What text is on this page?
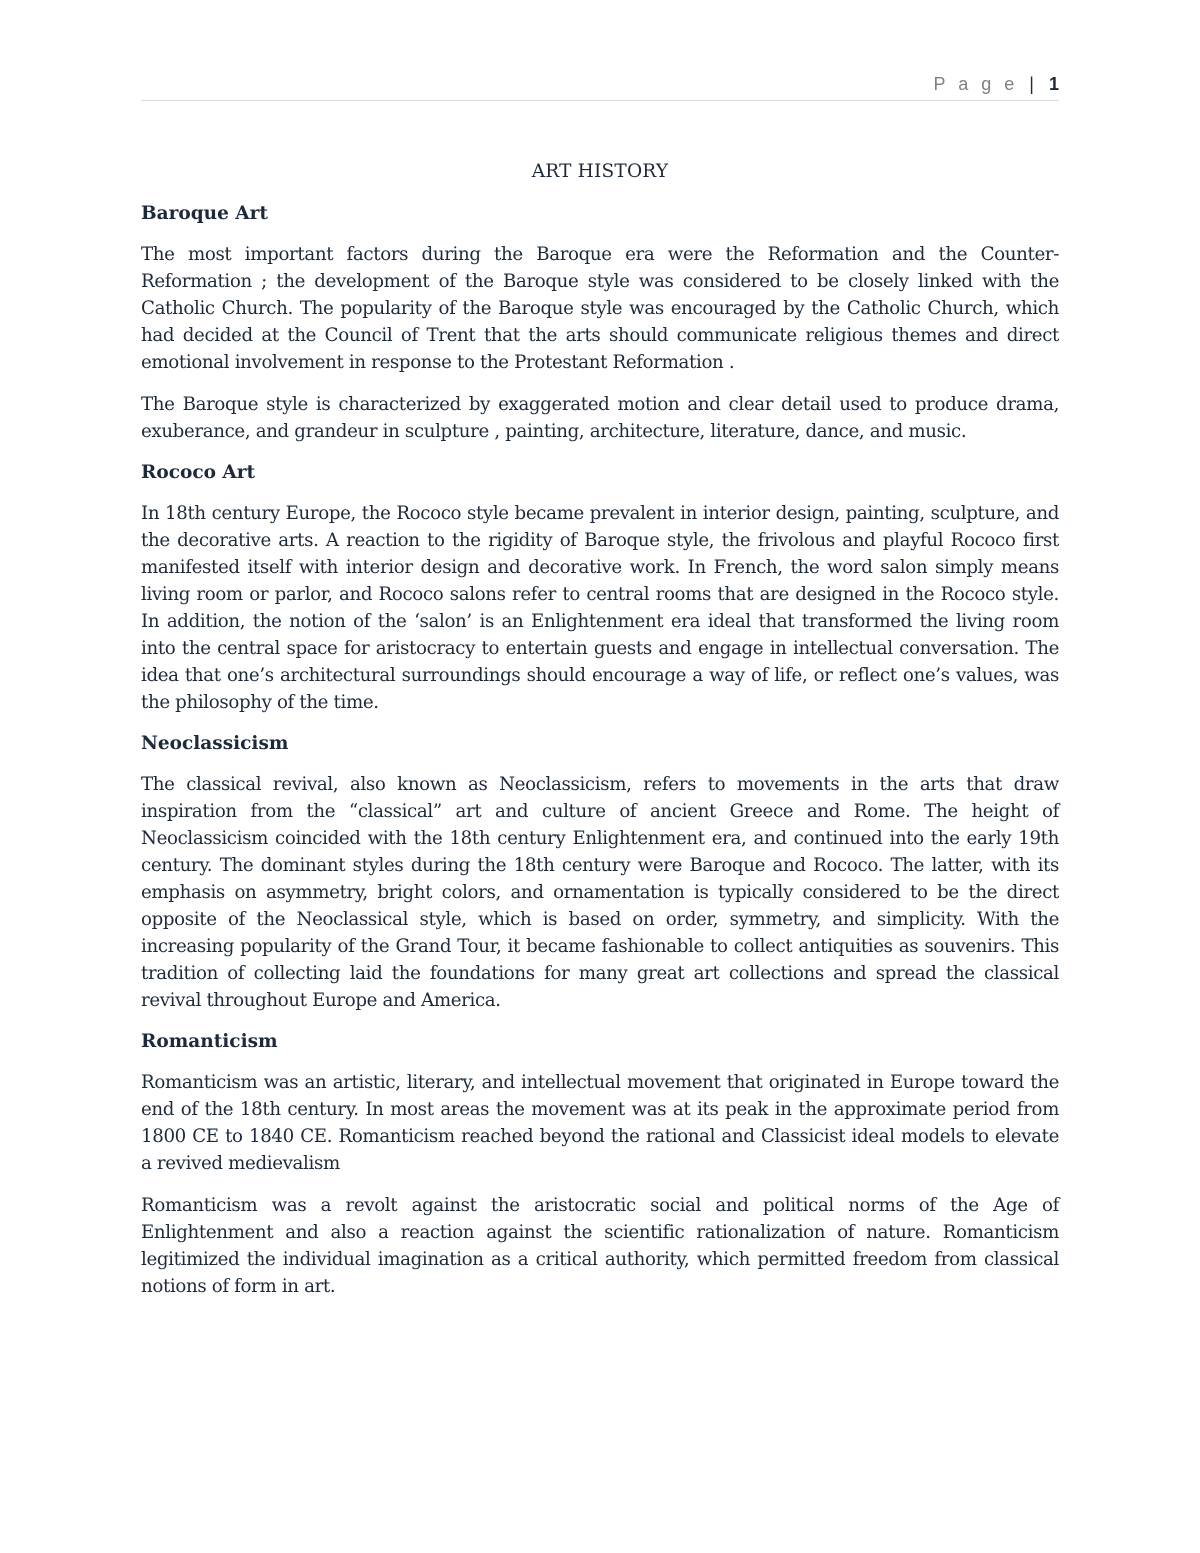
P a g e | 1
ART HISTORY
Baroque Art

The most important factors during the Baroque era were the Reformation and the Counter-Reformation ; the development of the Baroque style was considered to be closely linked with the Catholic Church. The popularity of the Baroque style was encouraged by the Catholic Church, which had decided at the Council of Trent that the arts should communicate religious themes and direct emotional involvement in response to the Protestant Reformation .

The Baroque style is characterized by exaggerated motion and clear detail used to produce drama, exuberance, and grandeur in sculpture , painting, architecture, literature, dance, and music.

Rococo Art

In 18th century Europe, the Rococo style became prevalent in interior design, painting, sculpture, and the decorative arts. A reaction to the rigidity of Baroque style, the frivolous and playful Rococo first manifested itself with interior design and decorative work. In French, the word salon simply means living room or parlor, and Rococo salons refer to central rooms that are designed in the Rococo style. In addition, the notion of the ‘salon’ is an Enlightenment era ideal that transformed the living room into the central space for aristocracy to entertain guests and engage in intellectual conversation. The idea that one’s architectural surroundings should encourage a way of life, or reflect one’s values, was the philosophy of the time.

Neoclassicism

The classical revival, also known as Neoclassicism, refers to movements in the arts that draw inspiration from the “classical” art and culture of ancient Greece and Rome. The height of Neoclassicism coincided with the 18th century Enlightenment era, and continued into the early 19th century. The dominant styles during the 18th century were Baroque and Rococo. The latter, with its emphasis on asymmetry, bright colors, and ornamentation is typically considered to be the direct opposite of the Neoclassical style, which is based on order, symmetry, and simplicity. With the increasing popularity of the Grand Tour, it became fashionable to collect antiquities as souvenirs. This tradition of collecting laid the foundations for many great art collections and spread the classical revival throughout Europe and America.

Romanticism

Romanticism was an artistic, literary, and intellectual movement that originated in Europe toward the end of the 18th century. In most areas the movement was at its peak in the approximate period from 1800 CE to 1840 CE. Romanticism reached beyond the rational and Classicist ideal models to elevate a revived medievalism

Romanticism was a revolt against the aristocratic social and political norms of the Age of Enlightenment and also a reaction against the scientific rationalization of nature. Romanticism legitimized the individual imagination as a critical authority, which permitted freedom from classical notions of form in art.
